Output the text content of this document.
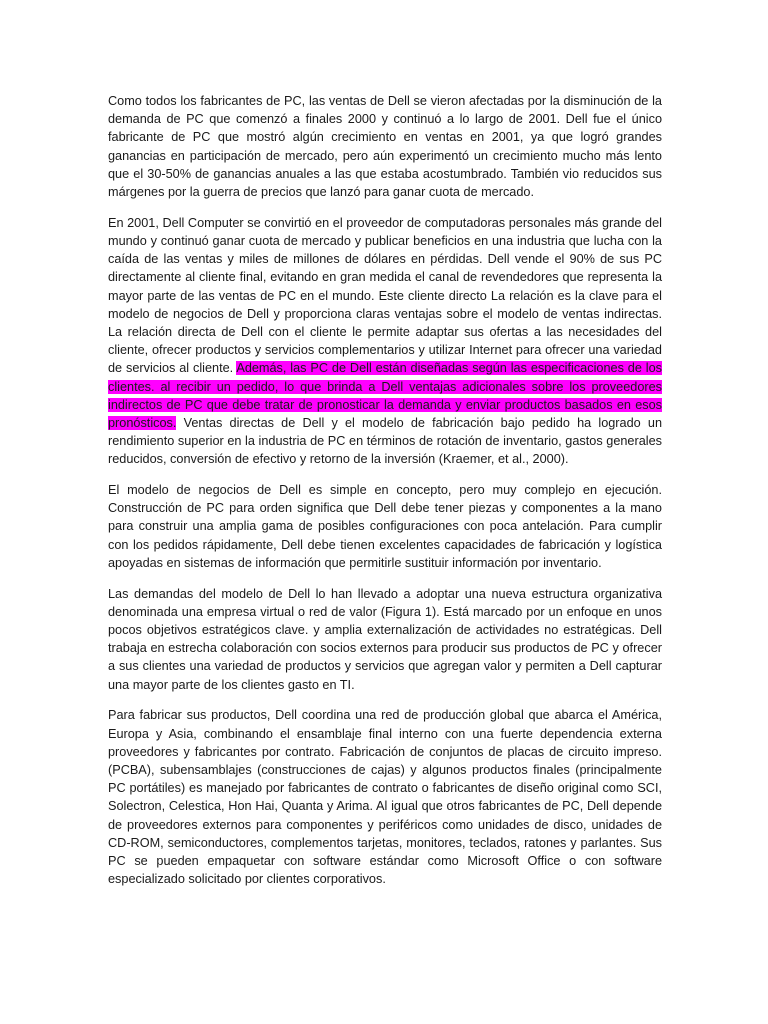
Como todos los fabricantes de PC, las ventas de Dell se vieron afectadas por la disminución de la demanda de PC que comenzó a finales 2000 y continuó a lo largo de 2001. Dell fue el único fabricante de PC que mostró algún crecimiento en ventas en 2001, ya que logró grandes ganancias en participación de mercado, pero aún experimentó un crecimiento mucho más lento que el 30-50% de ganancias anuales a las que estaba acostumbrado. También vio reducidos sus márgenes por la guerra de precios que lanzó para ganar cuota de mercado.

En 2001, Dell Computer se convirtió en el proveedor de computadoras personales más grande del mundo y continuó ganar cuota de mercado y publicar beneficios en una industria que lucha con la caída de las ventas y miles de millones de dólares en pérdidas. Dell vende el 90% de sus PC directamente al cliente final, evitando en gran medida el canal de revendedores que representa la mayor parte de las ventas de PC en el mundo. Este cliente directo La relación es la clave para el modelo de negocios de Dell y proporciona claras ventajas sobre el modelo de ventas indirectas. La relación directa de Dell con el cliente le permite adaptar sus ofertas a las necesidades del cliente, ofrecer productos y servicios complementarios y utilizar Internet para ofrecer una variedad de servicios al cliente. Además, las PC de Dell están diseñadas según las especificaciones de los clientes. al recibir un pedido, lo que brinda a Dell ventajas adicionales sobre los proveedores indirectos de PC que debe tratar de pronosticar la demanda y enviar productos basados en esos pronósticos. Ventas directas de Dell y el modelo de fabricación bajo pedido ha logrado un rendimiento superior en la industria de PC en términos de rotación de inventario, gastos generales reducidos, conversión de efectivo y retorno de la inversión (Kraemer, et al., 2000).

El modelo de negocios de Dell es simple en concepto, pero muy complejo en ejecución. Construcción de PC para orden significa que Dell debe tener piezas y componentes a la mano para construir una amplia gama de posibles configuraciones con poca antelación. Para cumplir con los pedidos rápidamente, Dell debe tienen excelentes capacidades de fabricación y logística apoyadas en sistemas de información que permitirle sustituir información por inventario.

Las demandas del modelo de Dell lo han llevado a adoptar una nueva estructura organizativa denominada una empresa virtual o red de valor (Figura 1). Está marcado por un enfoque en unos pocos objetivos estratégicos clave. y amplia externalización de actividades no estratégicas. Dell trabaja en estrecha colaboración con socios externos para producir sus productos de PC y ofrecer a sus clientes una variedad de productos y servicios que agregan valor y permiten a Dell capturar una mayor parte de los clientes gasto en TI.

Para fabricar sus productos, Dell coordina una red de producción global que abarca el América, Europa y Asia, combinando el ensamblaje final interno con una fuerte dependencia externa proveedores y fabricantes por contrato. Fabricación de conjuntos de placas de circuito impreso. (PCBA), subensamblajes (construcciones de cajas) y algunos productos finales (principalmente PC portátiles) es manejado por fabricantes de contrato o fabricantes de diseño original como SCI, Solectron, Celestica, Hon Hai, Quanta y Arima. Al igual que otros fabricantes de PC, Dell depende de proveedores externos para componentes y periféricos como unidades de disco, unidades de CD-ROM, semiconductores, complementos tarjetas, monitores, teclados, ratones y parlantes. Sus PC se pueden empaquetar con software estándar como Microsoft Office o con software especializado solicitado por clientes corporativos.
